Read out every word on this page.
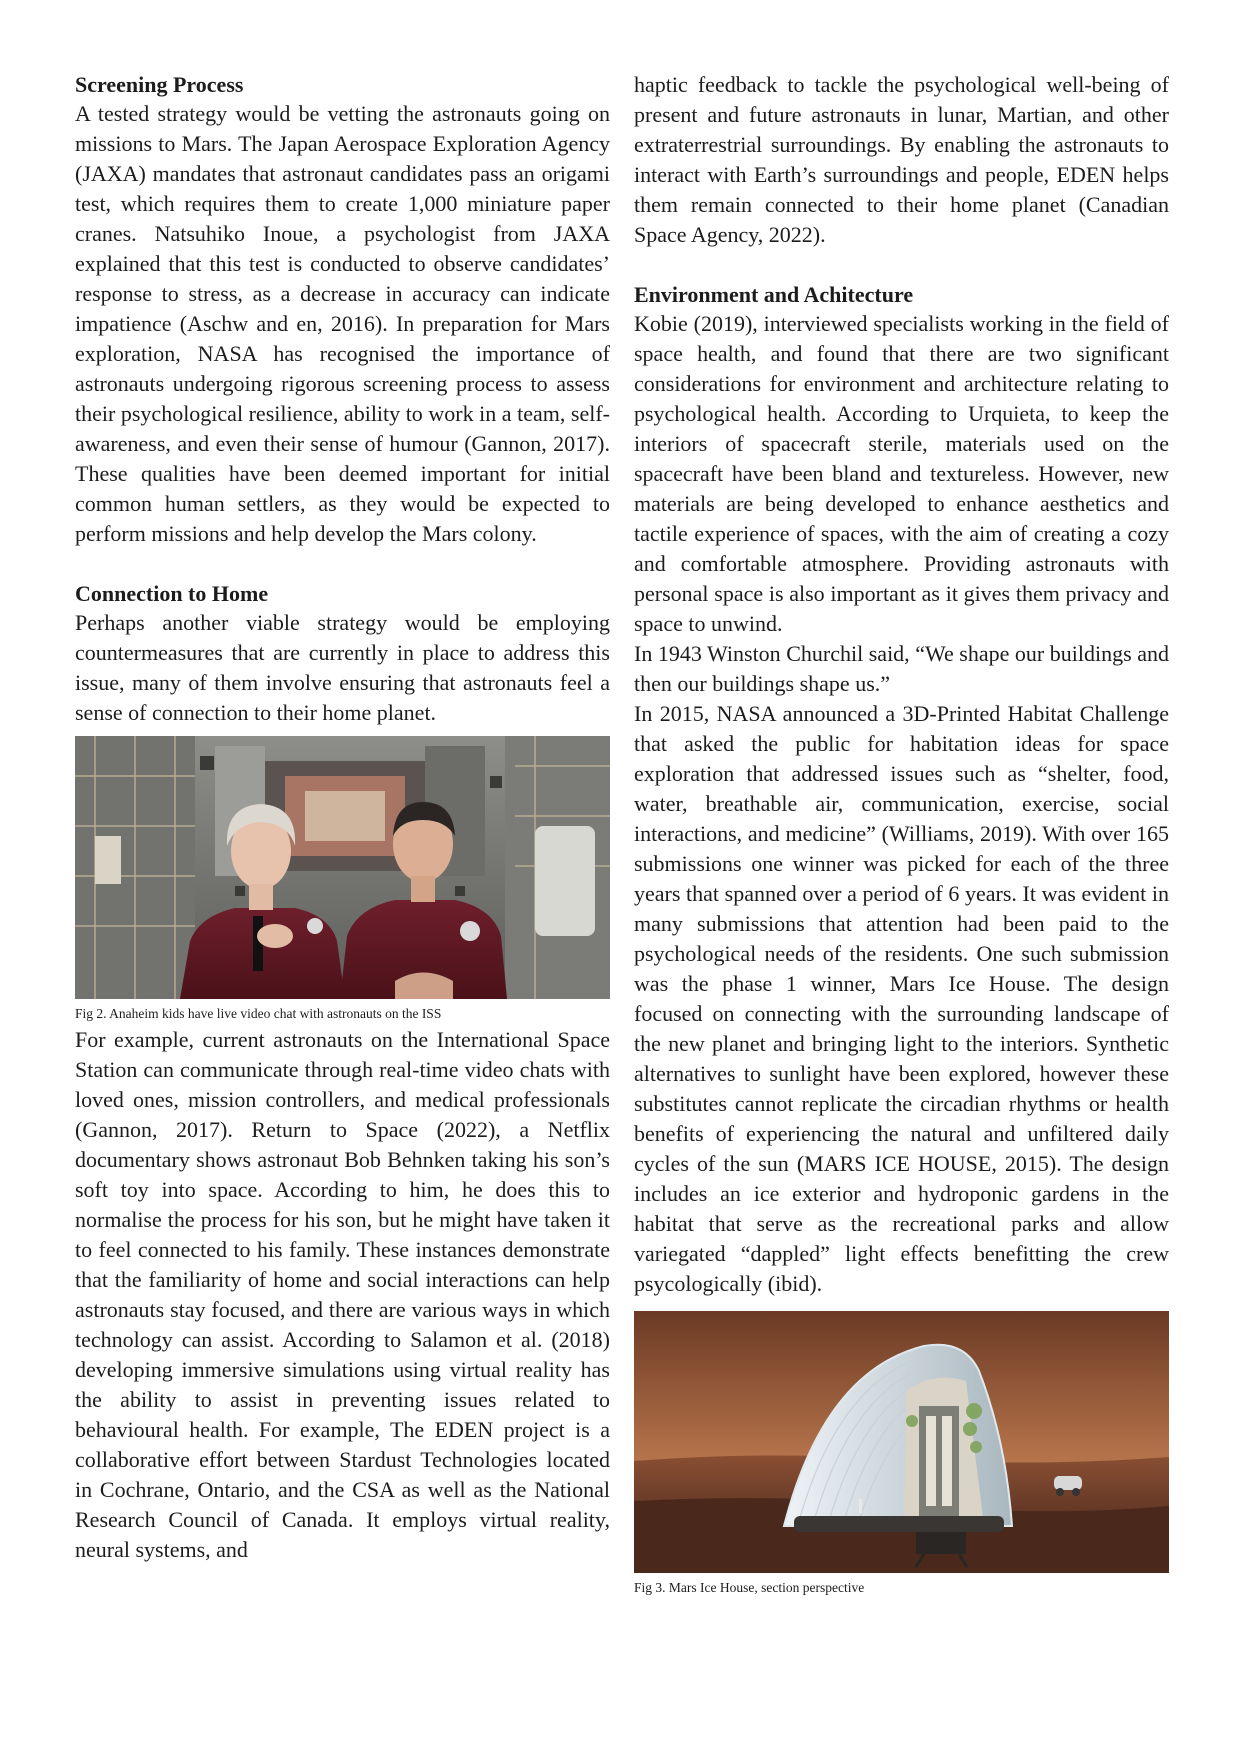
Screening Process

A tested strategy would be vetting the astronauts going on missions to Mars. The Japan Aerospace Exploration Agency (JAXA) mandates that astronaut candidates pass an origami test, which requires them to create 1,000 miniature paper cranes. Natsuhiko Inoue, a psychologist from JAXA explained that this test is conducted to observe candidates’ response to stress, as a decrease in accuracy can indicate impatience (Aschw and en, 2016). In preparation for Mars exploration, NASA has recognised the importance of astronauts undergoing rigorous screening process to assess their psychological resilience, ability to work in a team, self-awareness, and even their sense of humour (Gannon, 2017). These qualities have been deemed important for initial common human settlers, as they would be expected to perform missions and help develop the Mars colony.

Connection to Home

Perhaps another viable strategy would be employing countermeasures that are currently in place to address this issue, many of them involve ensuring that astronauts feel a sense of connection to their home planet.

Fig 2. Anaheim kids have live video chat with astronauts on the ISS

For example, current astronauts on the International Space Station can communicate through real-time video chats with loved ones, mission controllers, and medical professionals (Gannon, 2017). Return to Space (2022), a Netflix documentary shows astronaut Bob Behnken taking his son’s soft toy into space. According to him, he does this to normalise the process for his son, but he might have taken it to feel connected to his family. These instances demonstrate that the familiarity of home and social interactions can help astronauts stay focused, and there are various ways in which technology can assist. According to Salamon et al. (2018) developing immersive simulations using virtual reality has the ability to assist in preventing issues related to behavioural health. For example, The EDEN project is a collaborative effort between Stardust Technologies located in Cochrane, Ontario, and the CSA as well as the National Research Council of Canada. It employs virtual reality, neural systems, and

haptic feedback to tackle the psychological well-being of present and future astronauts in lunar, Martian, and other extraterrestrial surroundings. By enabling the astronauts to interact with Earth’s surroundings and people, EDEN helps them remain connected to their home planet (Canadian Space Agency, 2022).

Environment and Achitecture

Kobie (2019), interviewed specialists working in the field of space health, and found that there are two significant considerations for environment and architecture relating to psychological health. According to Urquieta, to keep the interiors of spacecraft sterile, materials used on the spacecraft have been bland and textureless. However, new materials are being developed to enhance aesthetics and tactile experience of spaces, with the aim of creating a cozy and comfortable atmosphere. Providing astronauts with personal space is also important as it gives them privacy and space to unwind.

In 1943 Winston Churchil said, “We shape our buildings and then our buildings shape us.”

In 2015, NASA announced a 3D-Printed Habitat Challenge that asked the public for habitation ideas for space exploration that addressed issues such as “shelter, food, water, breathable air, communication, exercise, social interactions, and medicine” (Williams, 2019). With over 165 submissions one winner was picked for each of the three years that spanned over a period of 6 years. It was evident in many submissions that attention had been paid to the psychological needs of the residents. One such submission was the phase 1 winner, Mars Ice House. The design focused on connecting with the surrounding landscape of the new planet and bringing light to the interiors. Synthetic alternatives to sunlight have been explored, however these substitutes cannot replicate the circadian rhythms or health benefits of experiencing the natural and unfiltered daily cycles of the sun (MARS ICE HOUSE, 2015). The design includes an ice exterior and hydroponic gardens in the habitat that serve as the recreational parks and allow variegated “dappled” light effects benefitting the crew psycologically (ibid).

Fig 3. Mars Ice House, section perspective
